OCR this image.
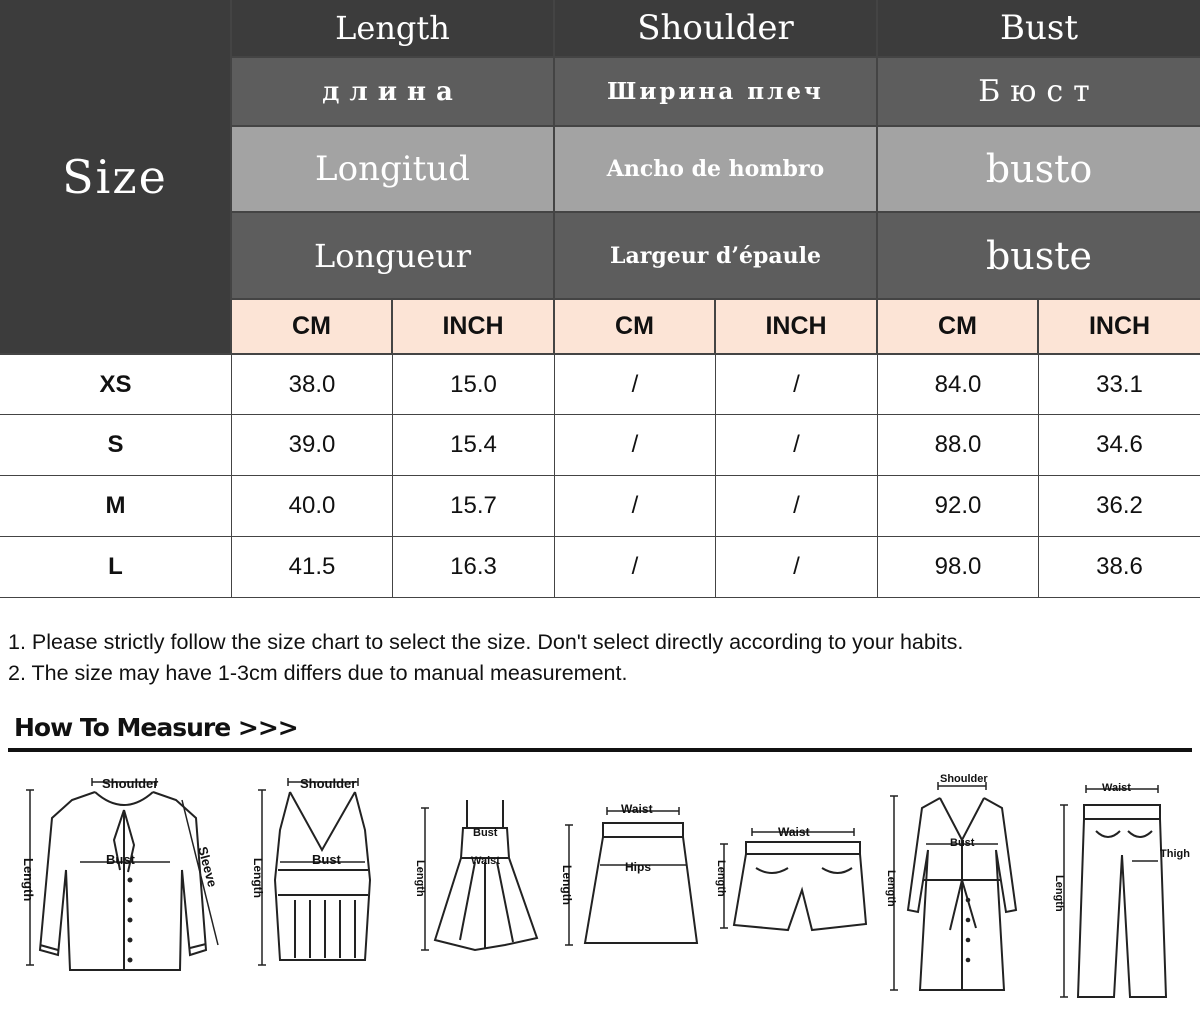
Size
Length	Shoulder	Bust
длина	Ширина плеч	Бюст
Longitud	Ancho de hombro	busto
Longueur	Largeur d’épaule	buste
CM	INCH	CM	INCH	CM	INCH
XS	38.0	15.0	/	/	84.0	33.1
S	39.0	15.4	/	/	88.0	34.6
M	40.0	15.7	/	/	92.0	36.2
L	41.5	16.3	/	/	98.0	38.6
1. Please strictly follow the size chart to select the size. Don't select directly according to your habits.
2. The size may have 1-3cm differs due to manual measurement.
How To Measure >>>
Shoulder
Bust	Sleeve
Length
Shoulder
Bust
Length
Bust
Waist
Length
Waist
Hips
Length
Waist
Length
Shoulder
Bust
Length
Waist
Thigh
Length
